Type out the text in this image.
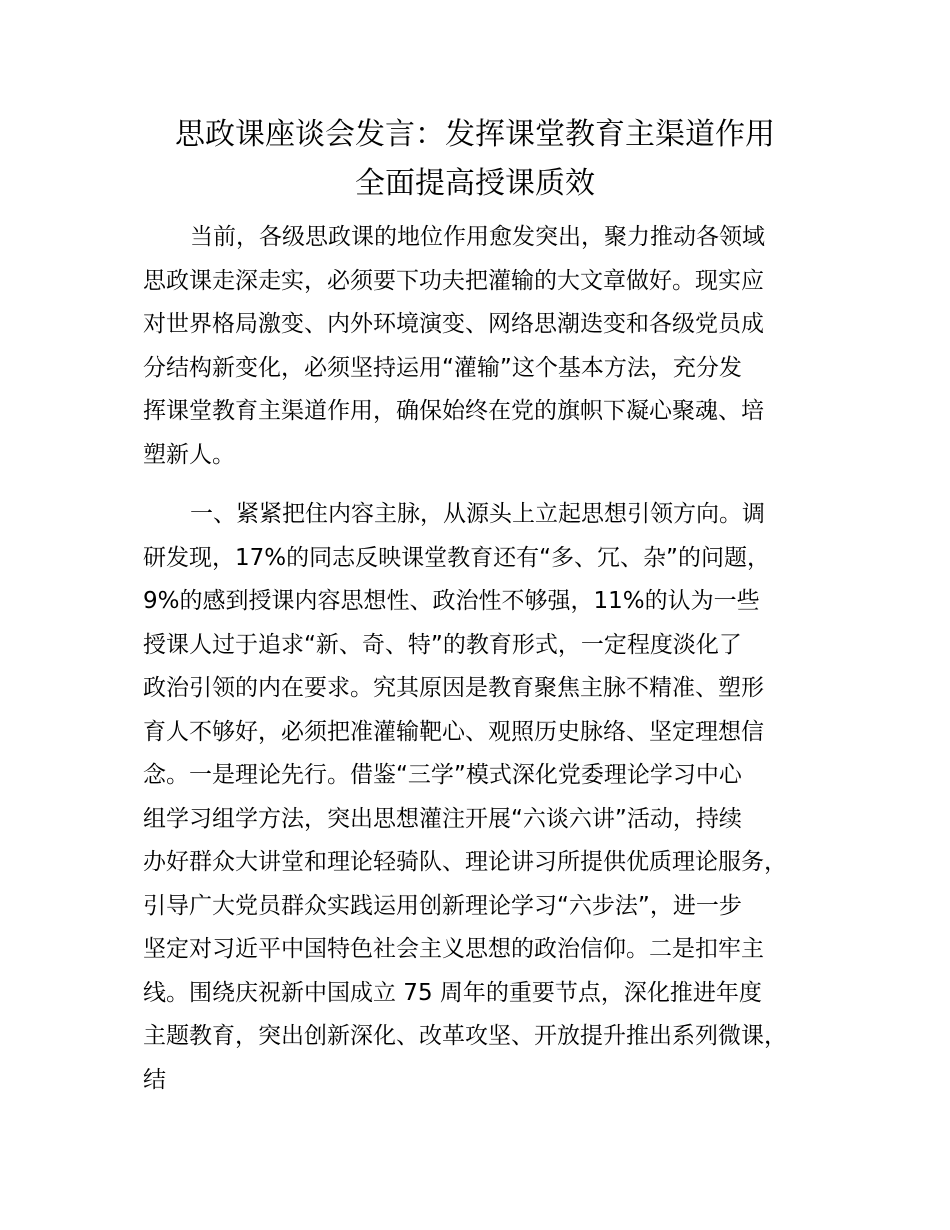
思政课座谈会发言：发挥课堂教育主渠道作用
全面提高授课质效

当前，各级思政课的地位作用愈发突出，聚力推动各领域
思政课走深走实，必须要下功夫把灌输的大文章做好。现实应
对世界格局激变、内外环境演变、网络思潮迭变和各级党员成
分结构新变化，必须坚持运用“灌输”这个基本方法，充分发
挥课堂教育主渠道作用，确保始终在党的旗帜下凝心聚魂、培
塑新人。

一、紧紧把住内容主脉，从源头上立起思想引领方向。调
研发现，17%的同志反映课堂教育还有“多、冗、杂”的问题，
9%的感到授课内容思想性、政治性不够强，11%的认为一些
授课人过于追求“新、奇、特”的教育形式，一定程度淡化了
政治引领的内在要求。究其原因是教育聚焦主脉不精准、塑形
育人不够好，必须把准灌输靶心、观照历史脉络、坚定理想信
念。一是理论先行。借鉴“三学”模式深化党委理论学习中心
组学习组学方法，突出思想灌注开展“六谈六讲”活动，持续
办好群众大讲堂和理论轻骑队、理论讲习所提供优质理论服务，
引导广大党员群众实践运用创新理论学习“六步法”，进一步
坚定对习近平中国特色社会主义思想的政治信仰。二是扣牢主
线。围绕庆祝新中国成立 75 周年的重要节点，深化推进年度
主题教育，突出创新深化、改革攻坚、开放提升推出系列微课，
结
